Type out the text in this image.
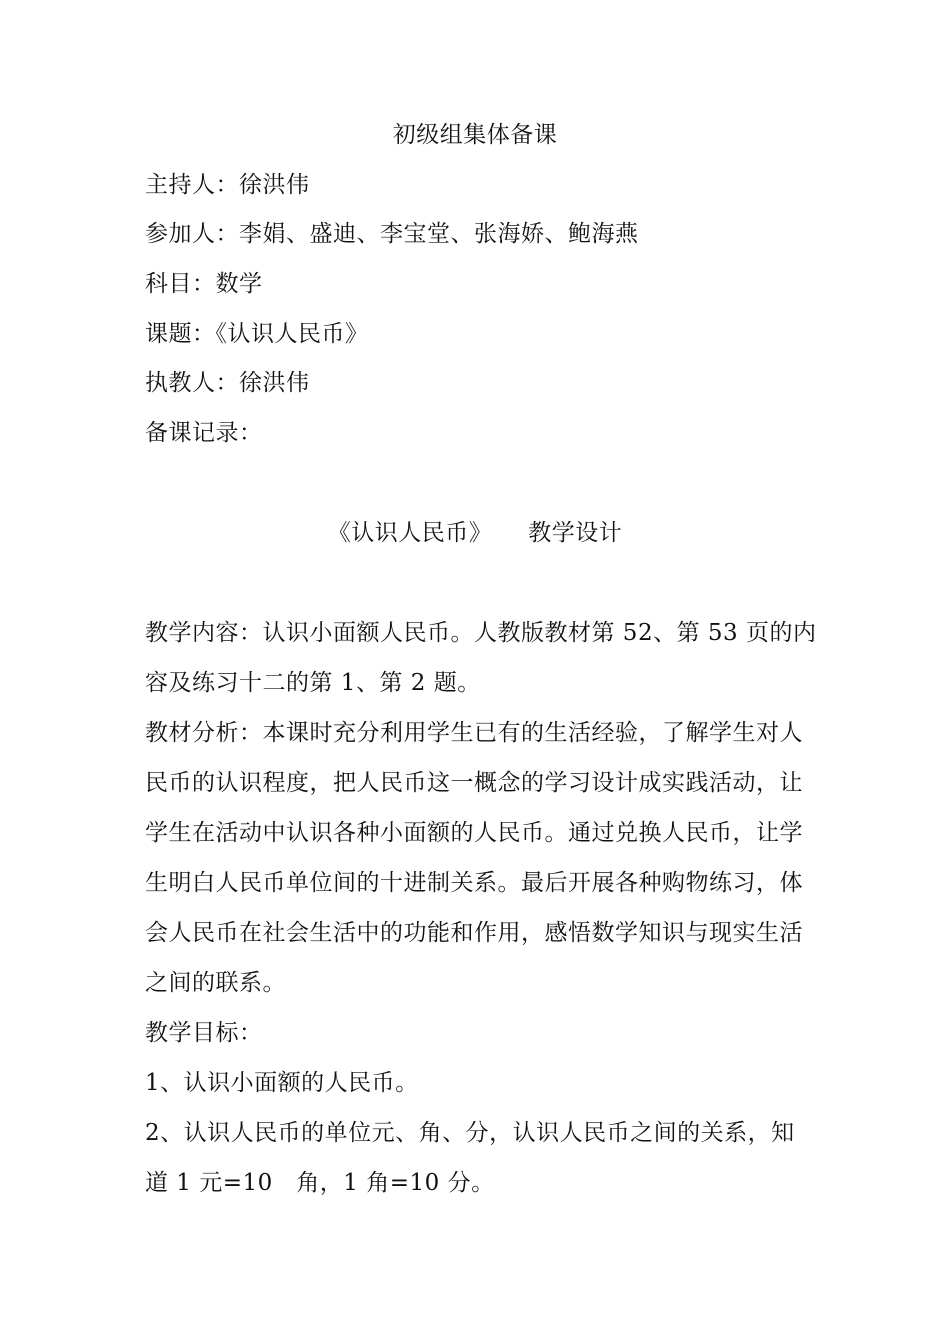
初级组集体备课
主持人：徐洪伟
参加人：李娟、盛迪、李宝堂、张海娇、鲍海燕
科目：数学
课题：《认识人民币》
执教人：徐洪伟
备课记录：
《认识人民币》 教学设计
教学内容：认识小面额人民币。人教版教材第 52、第 53 页的内
容及练习十二的第 1、第 2 题。
教材分析：本课时充分利用学生已有的生活经验，了解学生对人
民币的认识程度，把人民币这一概念的学习设计成实践活动，让
学生在活动中认识各种小面额的人民币。通过兑换人民币，让学
生明白人民币单位间的十进制关系。最后开展各种购物练习，体
会人民币在社会生活中的功能和作用，感悟数学知识与现实生活
之间的联系。
教学目标：
1、认识小面额的人民币。
2、认识人民币的单位元、角、分，认识人民币之间的关系，知
道 1 元=10　角，1 角=10 分。
